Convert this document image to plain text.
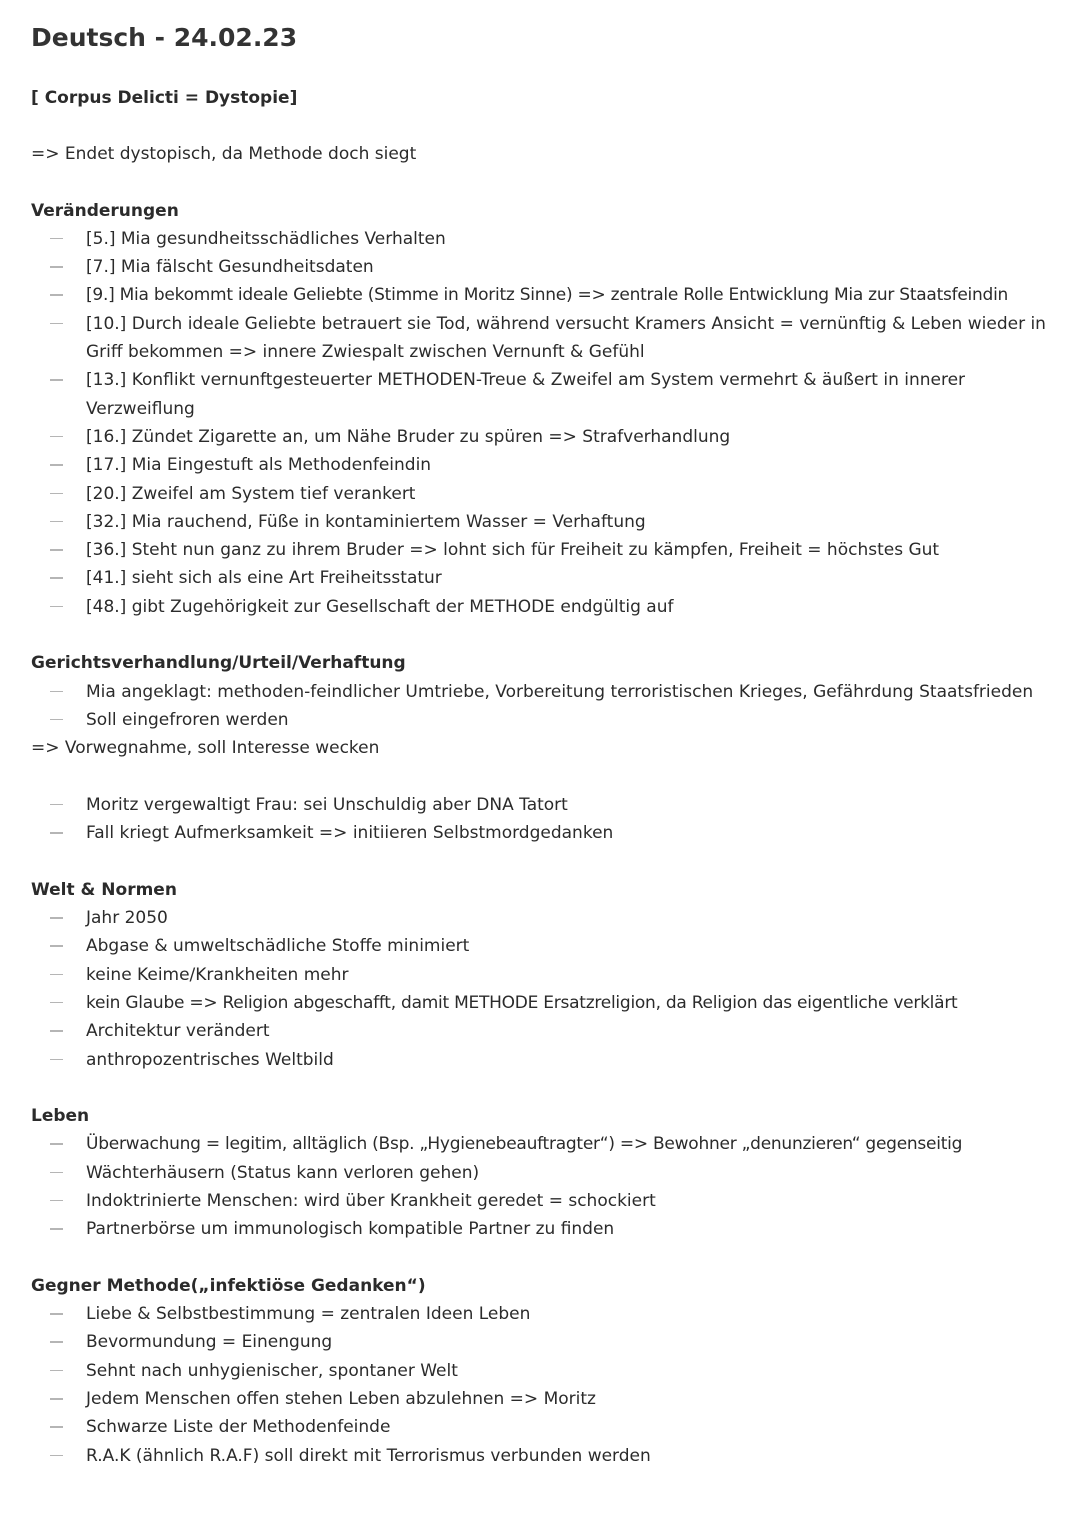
Deutsch - 24.02.23
[ Corpus Delicti = Dystopie]
=> Endet dystopisch, da Methode doch siegt
Veränderungen
[5.] Mia gesundheitsschädliches Verhalten
[7.] Mia fälscht Gesundheitsdaten
[9.] Mia bekommt ideale Geliebte (Stimme in Moritz Sinne) => zentrale Rolle Entwicklung Mia zur Staatsfeindin
[10.] Durch ideale Geliebte betrauert sie Tod, während versucht Kramers Ansicht = vernünftig & Leben wieder in Griff bekommen => innere Zwiespalt zwischen Vernunft & Gefühl
[13.] Konflikt vernunftgesteuerter METHODEN-Treue & Zweifel am System vermehrt & äußert in innerer Verzweiflung
[16.] Zündet Zigarette an, um Nähe Bruder zu spüren => Strafverhandlung
[17.] Mia Eingestuft als Methodenfeindin
[20.] Zweifel am System tief verankert
[32.] Mia rauchend, Füße in kontaminiertem Wasser = Verhaftung
[36.] Steht nun ganz zu ihrem Bruder => lohnt sich für Freiheit zu kämpfen, Freiheit = höchstes Gut
[41.] sieht sich als eine Art Freiheitsstatur
[48.] gibt Zugehörigkeit zur Gesellschaft der METHODE endgültig auf
Gerichtsverhandlung/Urteil/Verhaftung
Mia angeklagt: methoden-feindlicher Umtriebe, Vorbereitung terroristischen Krieges, Gefährdung Staatsfrieden
Soll eingefroren werden
=> Vorwegnahme, soll Interesse wecken
Moritz vergewaltigt Frau: sei Unschuldig aber DNA Tatort
Fall kriegt Aufmerksamkeit => initiieren Selbstmordgedanken
Welt & Normen
Jahr 2050
Abgase & umweltschädliche Stoffe minimiert
keine Keime/Krankheiten mehr
kein Glaube => Religion abgeschafft, damit METHODE Ersatzreligion, da Religion das eigentliche verklärt
Architektur verändert
anthropozentrisches Weltbild
Leben
Überwachung = legitim, alltäglich (Bsp. „Hygienebeauftragter“) => Bewohner „denunzieren“ gegenseitig
Wächterhäusern (Status kann verloren gehen)
Indoktrinierte Menschen: wird über Krankheit geredet = schockiert
Partnerbörse um immunologisch kompatible Partner zu finden
Gegner Methode(„infektiöse Gedanken“)
Liebe & Selbstbestimmung = zentralen Ideen Leben
Bevormundung = Einengung
Sehnt nach unhygienischer, spontaner Welt
Jedem Menschen offen stehen Leben abzulehnen => Moritz
Schwarze Liste der Methodenfeinde
R.A.K (ähnlich R.A.F) soll direkt mit Terrorismus verbunden werden
